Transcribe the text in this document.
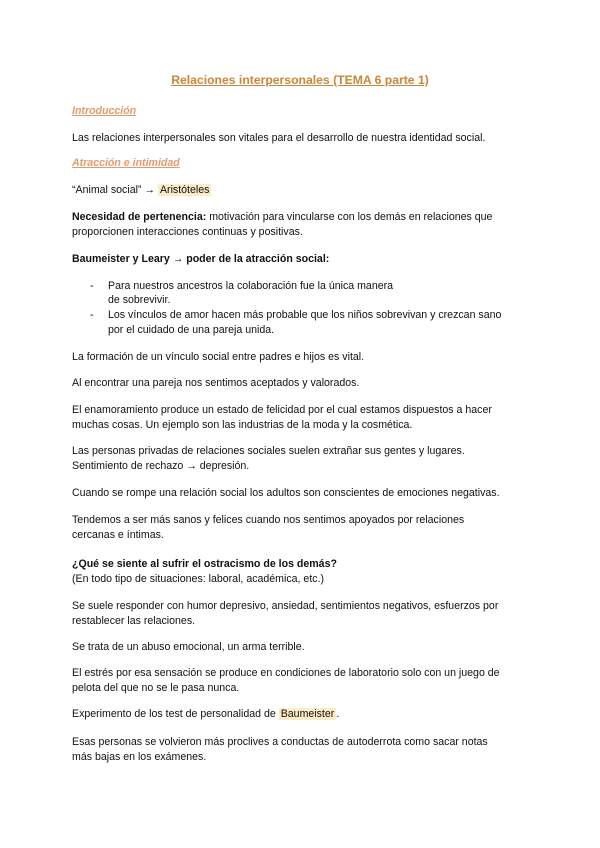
Relaciones interpersonales (TEMA 6 parte 1)

Introducción

Las relaciones interpersonales son vitales para el desarrollo de nuestra identidad social.

Atracción e intimidad

“Animal social” → Aristóteles

Necesidad de pertenencia: motivación para vincularse con los demás en relaciones que

proporcionen interacciones continuas y positivas.

Baumeister y Leary → poder de la atracción social:

- Para nuestros ancestros la colaboración fue la única manera

de sobrevivir.

- Los vínculos de amor hacen más probable que los niños sobrevivan y crezcan sano

por el cuidado de una pareja unida.

La formación de un vínculo social entre padres e hijos es vital.

Al encontrar una pareja nos sentimos aceptados y valorados.

El enamoramiento produce un estado de felicidad por el cual estamos dispuestos a hacer

muchas cosas. Un ejemplo son las industrias de la moda y la cosmética.

Las personas privadas de relaciones sociales suelen extrañar sus gentes y lugares.

Sentimiento de rechazo → depresión.

Cuando se rompe una relación social los adultos son conscientes de emociones negativas.

Tendemos a ser más sanos y felices cuando nos sentimos apoyados por relaciones

cercanas e íntimas.

¿Qué se siente al sufrir el ostracismo de los demás?

(En todo tipo de situaciones: laboral, académica, etc.)

Se suele responder con humor depresivo, ansiedad, sentimientos negativos, esfuerzos por

restablecer las relaciones.

Se trata de un abuso emocional, un arma terrible.

El estrés por esa sensación se produce en condiciones de laboratorio solo con un juego de

pelota del que no se le pasa nunca.

Experimento de los test de personalidad de Baumeister .

Esas personas se volvieron más proclives a conductas de autoderrota como sacar notas

más bajas en los exámenes.
